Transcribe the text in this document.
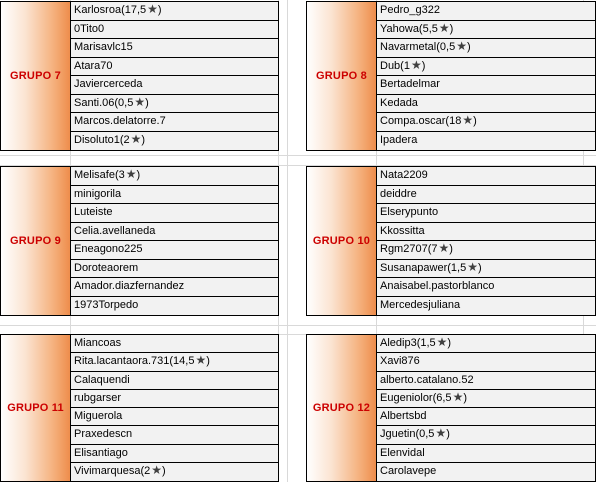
GRUPO 7
Karlosroa(17,5★)
0Tito0
Marisavlc15
Atara70
Javiercerceda
Santi.06(0,5★)
Marcos.delatorre.7
Disoluto1(2★)
GRUPO 8
Pedro_g322
Yahowa(5,5★)
Navarmetal(0,5★)
Dub(1★)
Bertadelmar
Kedada
Compa.oscar(18★)
Ipadera
GRUPO 9
Melisafe(3★)
minigorila
Luteiste
Celia.avellaneda
Eneagono225
Doroteaorem
Amador.diazfernandez
1973Torpedo
GRUPO 10
Nata2209
deiddre
Elserypunto
Kkossitta
Rgm2707(7★)
Susanapawer(1,5★)
Anaisabel.pastorblanco
Mercedesjuliana
GRUPO 11
Miancoas
Rita.lacantaora.731(14,5★)
Calaquendi
rubgarser
Miguerola
Praxedescn
Elisantiago
Vivimarquesa(2★)
GRUPO 12
Aledip3(1,5★)
Xavi876
alberto.catalano.52
Eugeniolor(6,5★)
Albertsbd
Jguetin(0,5★)
Elenvidal
Carolavepe
